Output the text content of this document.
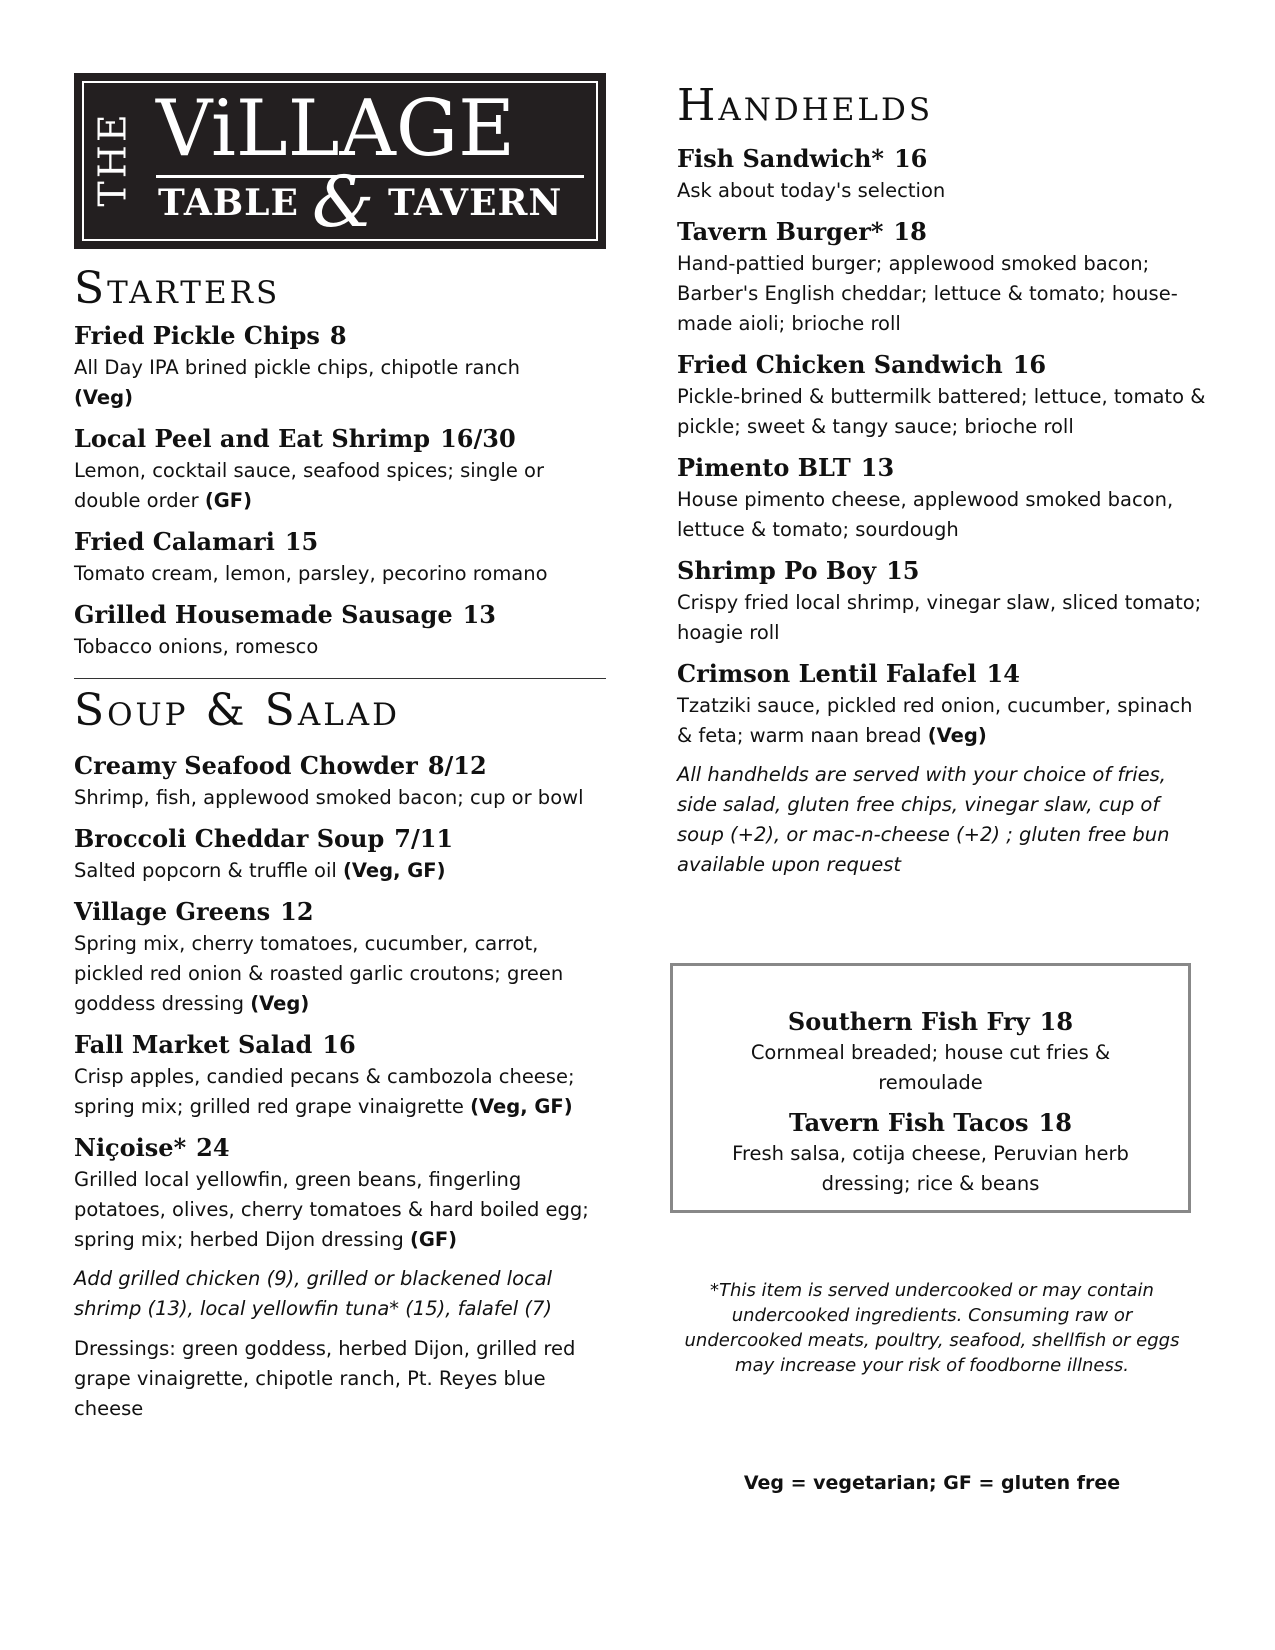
THE ViLLAGE
TABLE & TAVERN
Starters
Fried Pickle Chips 8
All Day IPA brined pickle chips, chipotle ranch
(Veg)
Local Peel and Eat Shrimp 16/30
Lemon, cocktail sauce, seafood spices; single or double order (GF)
Fried Calamari 15
Tomato cream, lemon, parsley, pecorino romano
Grilled Housemade Sausage 13
Tobacco onions, romesco
Soup & Salad
Creamy Seafood Chowder 8/12
Shrimp, fish, applewood smoked bacon; cup or bowl
Broccoli Cheddar Soup 7/11
Salted popcorn & truffle oil (Veg, GF)
Village Greens 12
Spring mix, cherry tomatoes, cucumber, carrot, pickled red onion & roasted garlic croutons; green goddess dressing (Veg)
Fall Market Salad 16
Crisp apples, candied pecans & cambozola cheese; spring mix; grilled red grape vinaigrette (Veg, GF)
Niçoise* 24
Grilled local yellowfin, green beans, fingerling potatoes, olives, cherry tomatoes & hard boiled egg; spring mix; herbed Dijon dressing (GF)
Add grilled chicken (9), grilled or blackened local shrimp (13), local yellowfin tuna* (15), falafel (7)
Dressings: green goddess, herbed Dijon, grilled red grape vinaigrette, chipotle ranch, Pt. Reyes blue cheese
Handhelds
Fish Sandwich* 16
Ask about today's selection
Tavern Burger* 18
Hand-pattied burger; applewood smoked bacon; Barber's English cheddar; lettuce & tomato; house-made aioli; brioche roll
Fried Chicken Sandwich 16
Pickle-brined & buttermilk battered; lettuce, tomato & pickle; sweet & tangy sauce; brioche roll
Pimento BLT 13
House pimento cheese, applewood smoked bacon, lettuce & tomato; sourdough
Shrimp Po Boy 15
Crispy fried local shrimp, vinegar slaw, sliced tomato; hoagie roll
Crimson Lentil Falafel 14
Tzatziki sauce, pickled red onion, cucumber, spinach & feta; warm naan bread (Veg)
All handhelds are served with your choice of fries, side salad, gluten free chips, vinegar slaw, cup of soup (+2), or mac-n-cheese (+2) ; gluten free bun available upon request
Southern Fish Fry 18
Cornmeal breaded; house cut fries & remoulade
Tavern Fish Tacos 18
Fresh salsa, cotija cheese, Peruvian herb dressing; rice & beans
*This item is served undercooked or may contain undercooked ingredients. Consuming raw or undercooked meats, poultry, seafood, shellfish or eggs may increase your risk of foodborne illness.
Veg = vegetarian; GF = gluten free
